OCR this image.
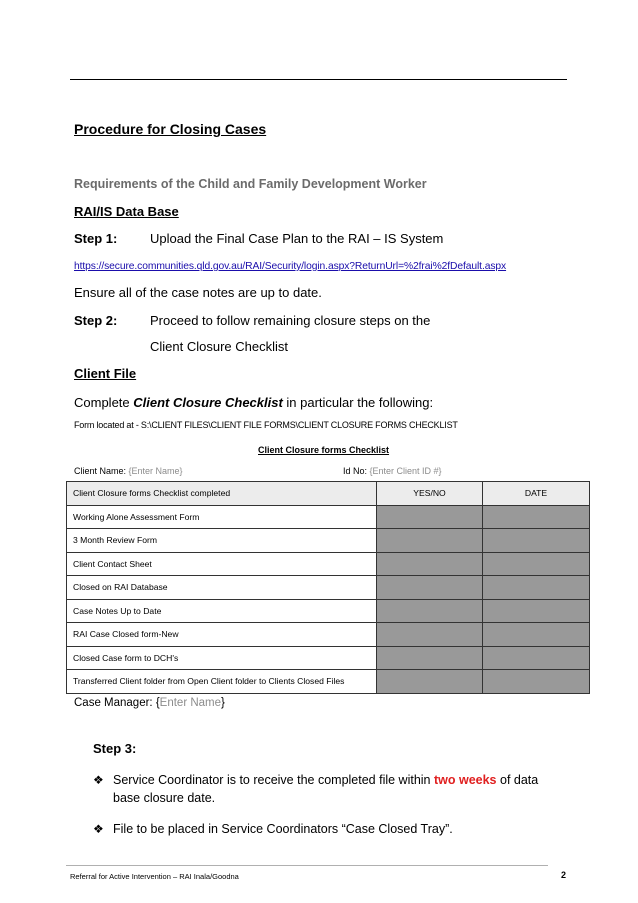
Procedure for Closing Cases
Requirements of the Child and Family Development Worker
RAI/IS Data Base
Step 1:	Upload the Final Case Plan to the RAI – IS System
https://secure.communities.qld.gov.au/RAI/Security/login.aspx?ReturnUrl=%2frai%2fDefault.aspx
Ensure all of the case notes are up to date.
Step 2:	Proceed to follow remaining closure steps on the
Client Closure Checklist
Client File
Complete Client Closure Checklist in particular the following:
Form located at - S:\CLIENT FILES\CLIENT FILE FORMS\CLIENT CLOSURE FORMS CHECKLIST
Client Closure forms Checklist
Client Name: {Enter Name}	Id No: {Enter Client ID #}
Client Closure forms Checklist completed	YES/NO	DATE
Working Alone Assessment Form		
3 Month Review Form		
Client Contact Sheet		
Closed on RAI Database		
Case Notes Up to Date		
RAI Case Closed form-New		
Closed Case form to DCH's		
Transferred Client folder from Open Client folder to Clients Closed Files		
Case Manager: {Enter Name}
Step 3:
❖ Service Coordinator is to receive the completed file within two weeks of data
base closure date.
❖ File to be placed in Service Coordinators “Case Closed Tray”.
Referral for Active Intervention – RAI Inala/Goodna	2
